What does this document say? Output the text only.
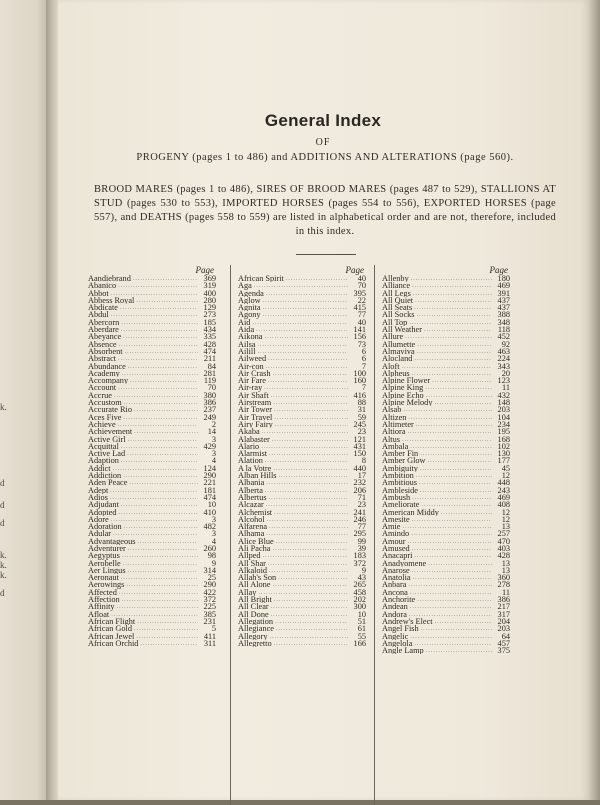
k.
d
d
d
k.
k.
k.
d
General Index
OF
PROGENY (pages 1 to 486) and ADDITIONS AND ALTERATIONS (page 560).
BROOD MARES (pages 1 to 486), SIRES OF BROOD MARES (pages 487 to 529), STALLIONS AT STUD (pages 530 to 553), IMPORTED HORSES (pages 554 to 556), EXPORTED HORSES (page 557), and DEATHS (pages 558 to 559) are listed in alphabetical order and are not, therefore, included in this index.
Page
Aandiebrand .....	369
Abanico .....	319
Abbot .....	400
Abbess Royal .....	280
Abdicate .....	129
Abdul .....	273
Abercorn .....	185
Aberdare .....	434
Abeyance .....	335
Absence .....	428
Absorbent .....	474
Abstract .....	211
Abundance .....	84
Academy .....	281
Accompany .....	119
Account .....	70
Accrue .....	380
Accustom .....	386
Accurate Rio .....	237
Aces Five .....	249
Achieve .....	2
Achievement .....	14
Active Girl .....	3
Acquittal .....	429
Active Lad .....	3
Adaption .....	4
Addict .....	124
Addiction .....	290
Aden Peace .....	221
Adept .....	181
Adios .....	474
Adjudant .....	10
Adopted .....	410
Adore .....	3
Adoration .....	482
Adular .....	3
Advantageous .....	4
Adventurer .....	260
Aegyptus .....	98
Aerobelle .....	9
Aer Lingus .....	314
Aeronaut .....	25
Aerowings .....	290
Affected .....	422
Affection .....	372
Affinity .....	225
Afloat .....	385
African Flight .....	231
African Gold .....	5
African Jewel .....	411
African Orchid .....	311
Page
African Spirit .....	40
Aga .....	70
Agenda .....	395
Aglow .....	22
Agnita .....	415
Agony .....	77
Aid .....	40
Aida .....	141
Aikona .....	156
Ailsa .....	73
Ailill .....	6
Ailweed .....	6
Air-con .....	7
Air Crash .....	100
Air Fare .....	160
Air-ray .....	7
Air Shaft .....	416
Airstream .....	88
Air Tower .....	31
Air Travel .....	59
Airy Fairy .....	245
Akaba .....	23
Alabaster .....	121
Alario .....	431
Alarmist .....	150
Alation .....	8
A la Votre .....	440
Alban Hills .....	17
Albania .....	232
Alberta .....	206
Albertus .....	71
Alcazar .....	23
Alchemist .....	241
Alcohol .....	246
Alfarena .....	77
Alhama .....	295
Alice Blue .....	99
Ali Pacha .....	39
Allped .....	183
All Shar .....	372
Alkaloid .....	9
Allah's Son .....	43
All Alone .....	265
Allay .....	458
All Bright .....	202
All Clear .....	300
All Done .....	10
Allegation .....	51
Allegiance .....	61
Allegory .....	55
Allegretto .....	166
Page
Allenby .....	180
Alliance .....	469
All Legs .....	391
All Quiet .....	437
All Seats .....	437
All Socks .....	388
All Top .....	348
All Weather .....	118
Allure .....	452
Allumette .....	92
Almaviva .....	463
Alocland .....	224
Aloft .....	343
Alpheus .....	20
Alpine Flower .....	123
Alpine King .....	11
Alpine Echo .....	432
Alpine Melody .....	148
Alsab .....	203
Altizen .....	104
Altimeter .....	234
Altiora .....	195
Altus .....	168
Ambala .....	102
Amber Fin .....	130
Amber Glow .....	177
Ambiguity .....	45
Ambition .....	12
Ambitious .....	448
Ambleside .....	243
Ambush .....	469
Ameliorate .....	408
American Middy .....	12
Amesite .....	12
Amie .....	13
Amindo .....	257
Amour .....	470
Amused .....	403
Anacapri .....	428
Anadyomene .....	13
Anarose .....	13
Anatolia .....	360
Anbara .....	278
Ancona .....	11
Anchorite .....	386
Andean .....	217
Andora .....	317
Andrew's Elect .....	204
Angel Fish .....	203
Angelic .....	64
Angelola .....	457
Angle Lamp .....	375
